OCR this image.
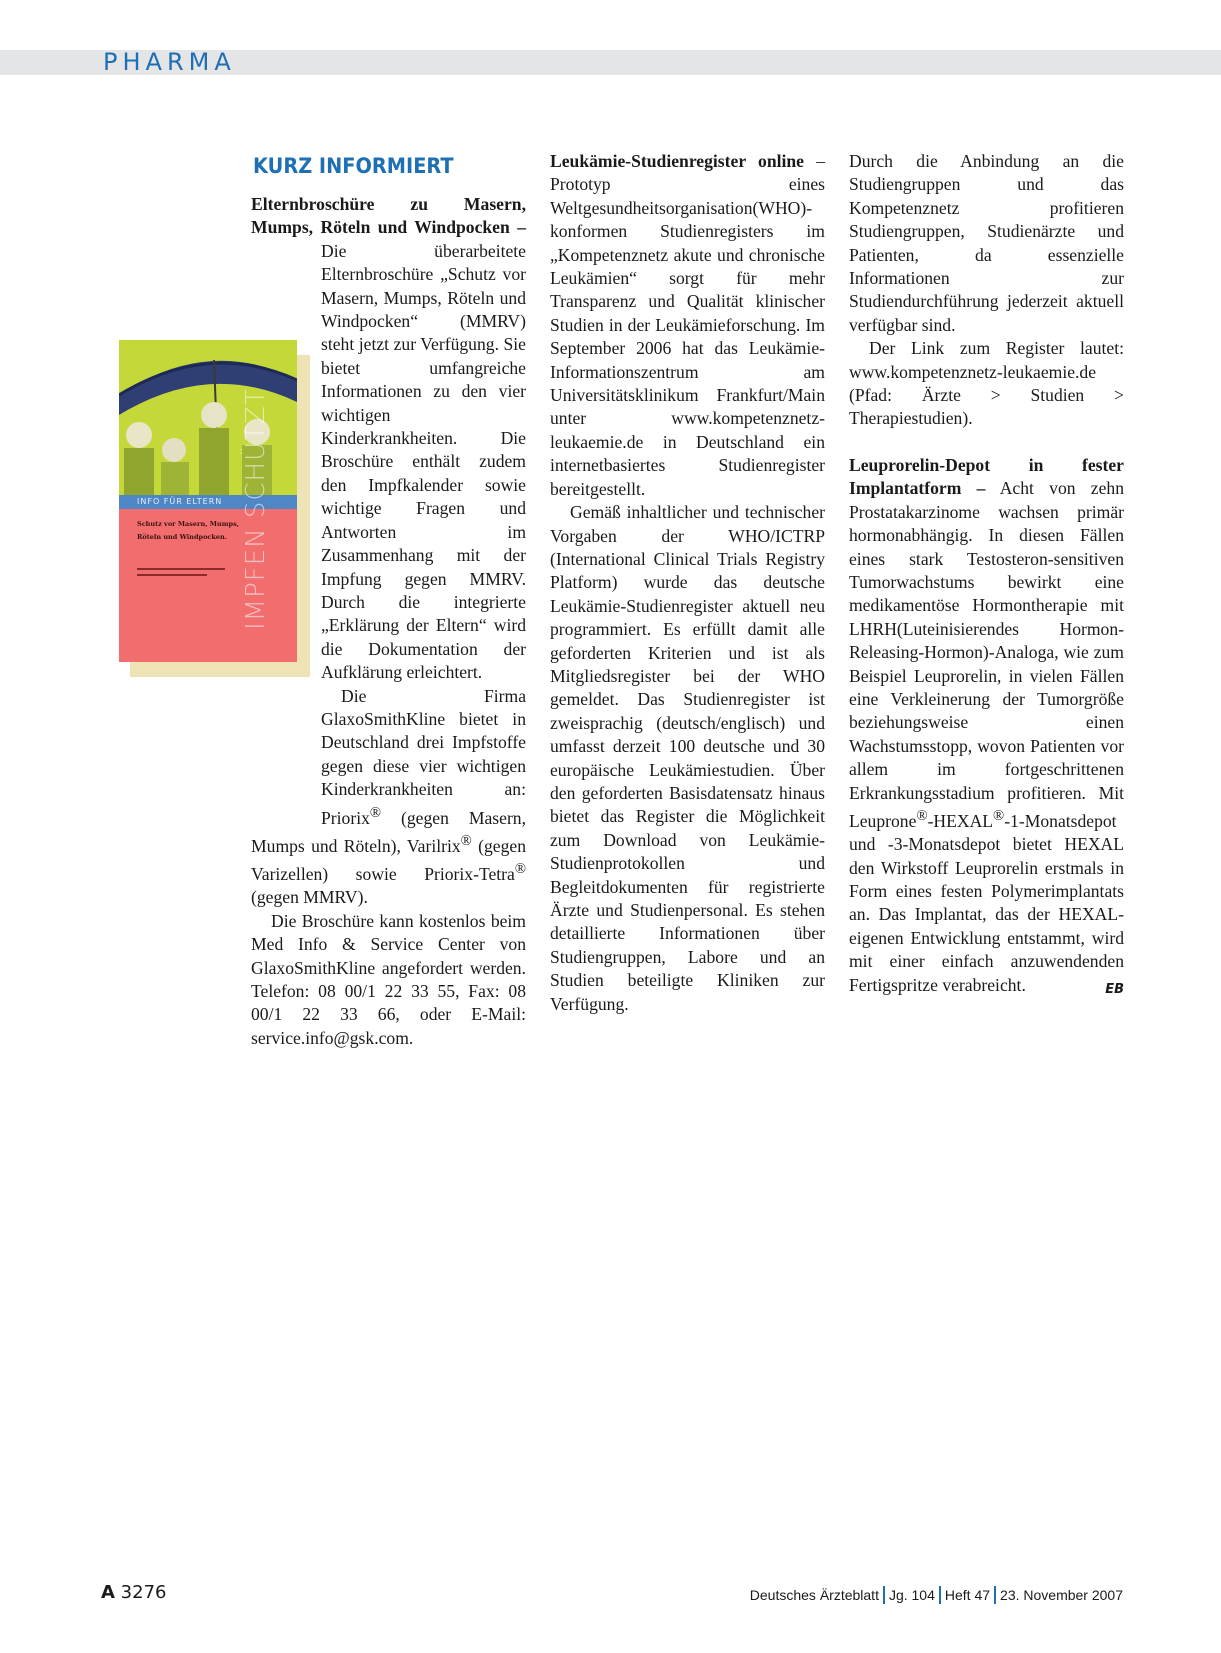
PHARMA
INFO FÜR ELTERN
Schutz vor Masern, Mumps, Röteln und Windpocken. IMPFEN SCHÜTZT
KURZ INFORMIERT

Elternbroschüre zu Masern, Mumps, Röteln und Windpocken –
Die überarbeitete Elternbroschüre „Schutz vor Masern, Mumps, Röteln und Windpocken“ (MMRV) steht jetzt zur Verfügung. Sie bietet umfangreiche Informationen zu den vier wichtigen Kinderkrankheiten. Die Broschüre enthält zudem den Impfkalender sowie wichtige Fragen und Antworten im Zusammenhang mit der Impfung gegen MMRV. Durch die integrierte „Erklärung der Eltern“ wird die Dokumentation der Aufklärung erleichtert.

Die Firma GlaxoSmithKline bietet in Deutschland drei Impfstoffe gegen diese vier wichtigen Kinderkrankheiten an: Priorix® (gegen Masern, Mumps und Röteln), Varilrix® (gegen Varizellen) sowie Priorix-Tetra® (gegen MMRV).

Die Broschüre kann kostenlos beim Med Info & Service Center von GlaxoSmithKline angefordert werden. Telefon: 08 00/1 22 33 55, Fax: 08 00/1 22 33 66, oder E-Mail: service.info@gsk.com.

Leukämie-Studienregister online – Prototyp eines Weltgesundheitsorganisation(WHO)-konformen Studienregisters im „Kompetenznetz akute und chronische Leukämien“ sorgt für mehr Transparenz und Qualität klinischer Studien in der Leukämieforschung. Im September 2006 hat das Leukämie-Informationszentrum am Universitätsklinikum Frankfurt/Main unter www.kompetenznetz-leukaemie.de in Deutschland ein internetbasiertes Studienregister bereitgestellt.

Gemäß inhaltlicher und technischer Vorgaben der WHO/ICTRP (International Clinical Trials Registry Platform) wurde das deutsche Leukämie-Studienregister aktuell neu programmiert. Es erfüllt damit alle geforderten Kriterien und ist als Mitgliedsregister bei der WHO gemeldet. Das Studienregister ist zweisprachig (deutsch/englisch) und umfasst derzeit 100 deutsche und 30 europäische Leukämiestudien. Über den geforderten Basisdatensatz hinaus bietet das Register die Möglichkeit zum Download von Leukämie-Studienprotokollen und Begleitdokumenten für registrierte Ärzte und Studienpersonal. Es stehen detaillierte Informationen über Studiengruppen, Labore und an Studien beteiligte Kliniken zur Verfügung.

Durch die Anbindung an die Studiengruppen und das Kompetenznetz profitieren Studiengruppen, Studienärzte und Patienten, da essenzielle Informationen zur Studiendurchführung jederzeit aktuell verfügbar sind.

Der Link zum Register lautet: www.kompetenznetz-leukaemie.de (Pfad: Ärzte > Studien > Therapiestudien).

Leuprorelin-Depot in fester Implantatform – Acht von zehn Prostatakarzinome wachsen primär hormonabhängig. In diesen Fällen eines stark Testosteron-sensitiven Tumorwachstums bewirkt eine medikamentöse Hormontherapie mit LHRH(Luteinisierendes Hormon-Releasing-Hormon)-Analoga, wie zum Beispiel Leuprorelin, in vielen Fällen eine Verkleinerung der Tumorgröße beziehungsweise einen Wachstumsstopp, wovon Patienten vor allem im fortgeschrittenen Erkrankungsstadium profitieren. Mit Leuprone®-HEXAL®-1-Monatsdepot und -3-Monatsdepot bietet HEXAL den Wirkstoff Leuprorelin erstmals in Form eines festen Polymerimplantats an. Das Implantat, das der HEXAL-eigenen Entwicklung entstammt, wird mit einer einfach anzuwendenden Fertigspritze verabreicht.	EB

A 3276	Deutsches Ärzteblatt Jg. 104 Heft 47 23. November 2007
